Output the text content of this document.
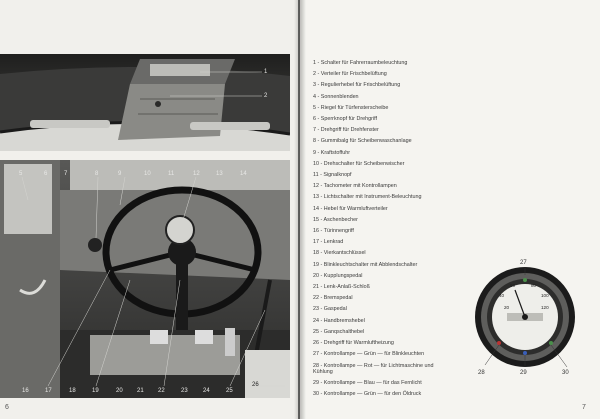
1
2
5	6	7	8	9	10	11	12	13	14
16	17	18	19	20 21 22	23	24	25
26
6
1 - Schalter für Fahrerraumbeleuchtung
2 - Verteiler für Frischbelüftung
3 - Regulierhebel für Frischbelüftung
4 - Sonnenblenden
5 - Riegel für Türfensterscheibe
6 - Sperrknopf für Drehgriff
7 - Drehgriff für Drehfenster
8 - Gummibalg für Scheibenwaschanlage
9 - Kraftstoffuhr
10 - Drehschalter für Scheibenwischer
11 - Signalknopf
12 - Tachometer mit Kontrollampen
13 - Lichtschalter mit Instrument-Beleuchtung
14 - Hebel für Warmluftverteiler
15 - Aschenbecher
16 - Türinnengriff
17 - Lenkrad
18 - Vierkantschlüssel
19 - Blinkleuchtschalter mit Abblendschalter
20 - Kupplungspedal
21 - Lenk-Anlaß-Schloß
22 - Bremspedal
23 - Gaspedal
24 - Handbremshebel
25 - Ganqschalthebel
26 - Drehgriff für Warmluftheizung
27 - Kontrollampe — Grün — für Blinkleuchten
28 - Kontrollampe — Rot — für Lichtmaschine und Kühlung
29 - Kontrollampe — Blau — für das Fernlicht
30 - Kontrollampe — Grün — für den Öldruck
20
40
60	80
100
120
27
28	29	30
7
